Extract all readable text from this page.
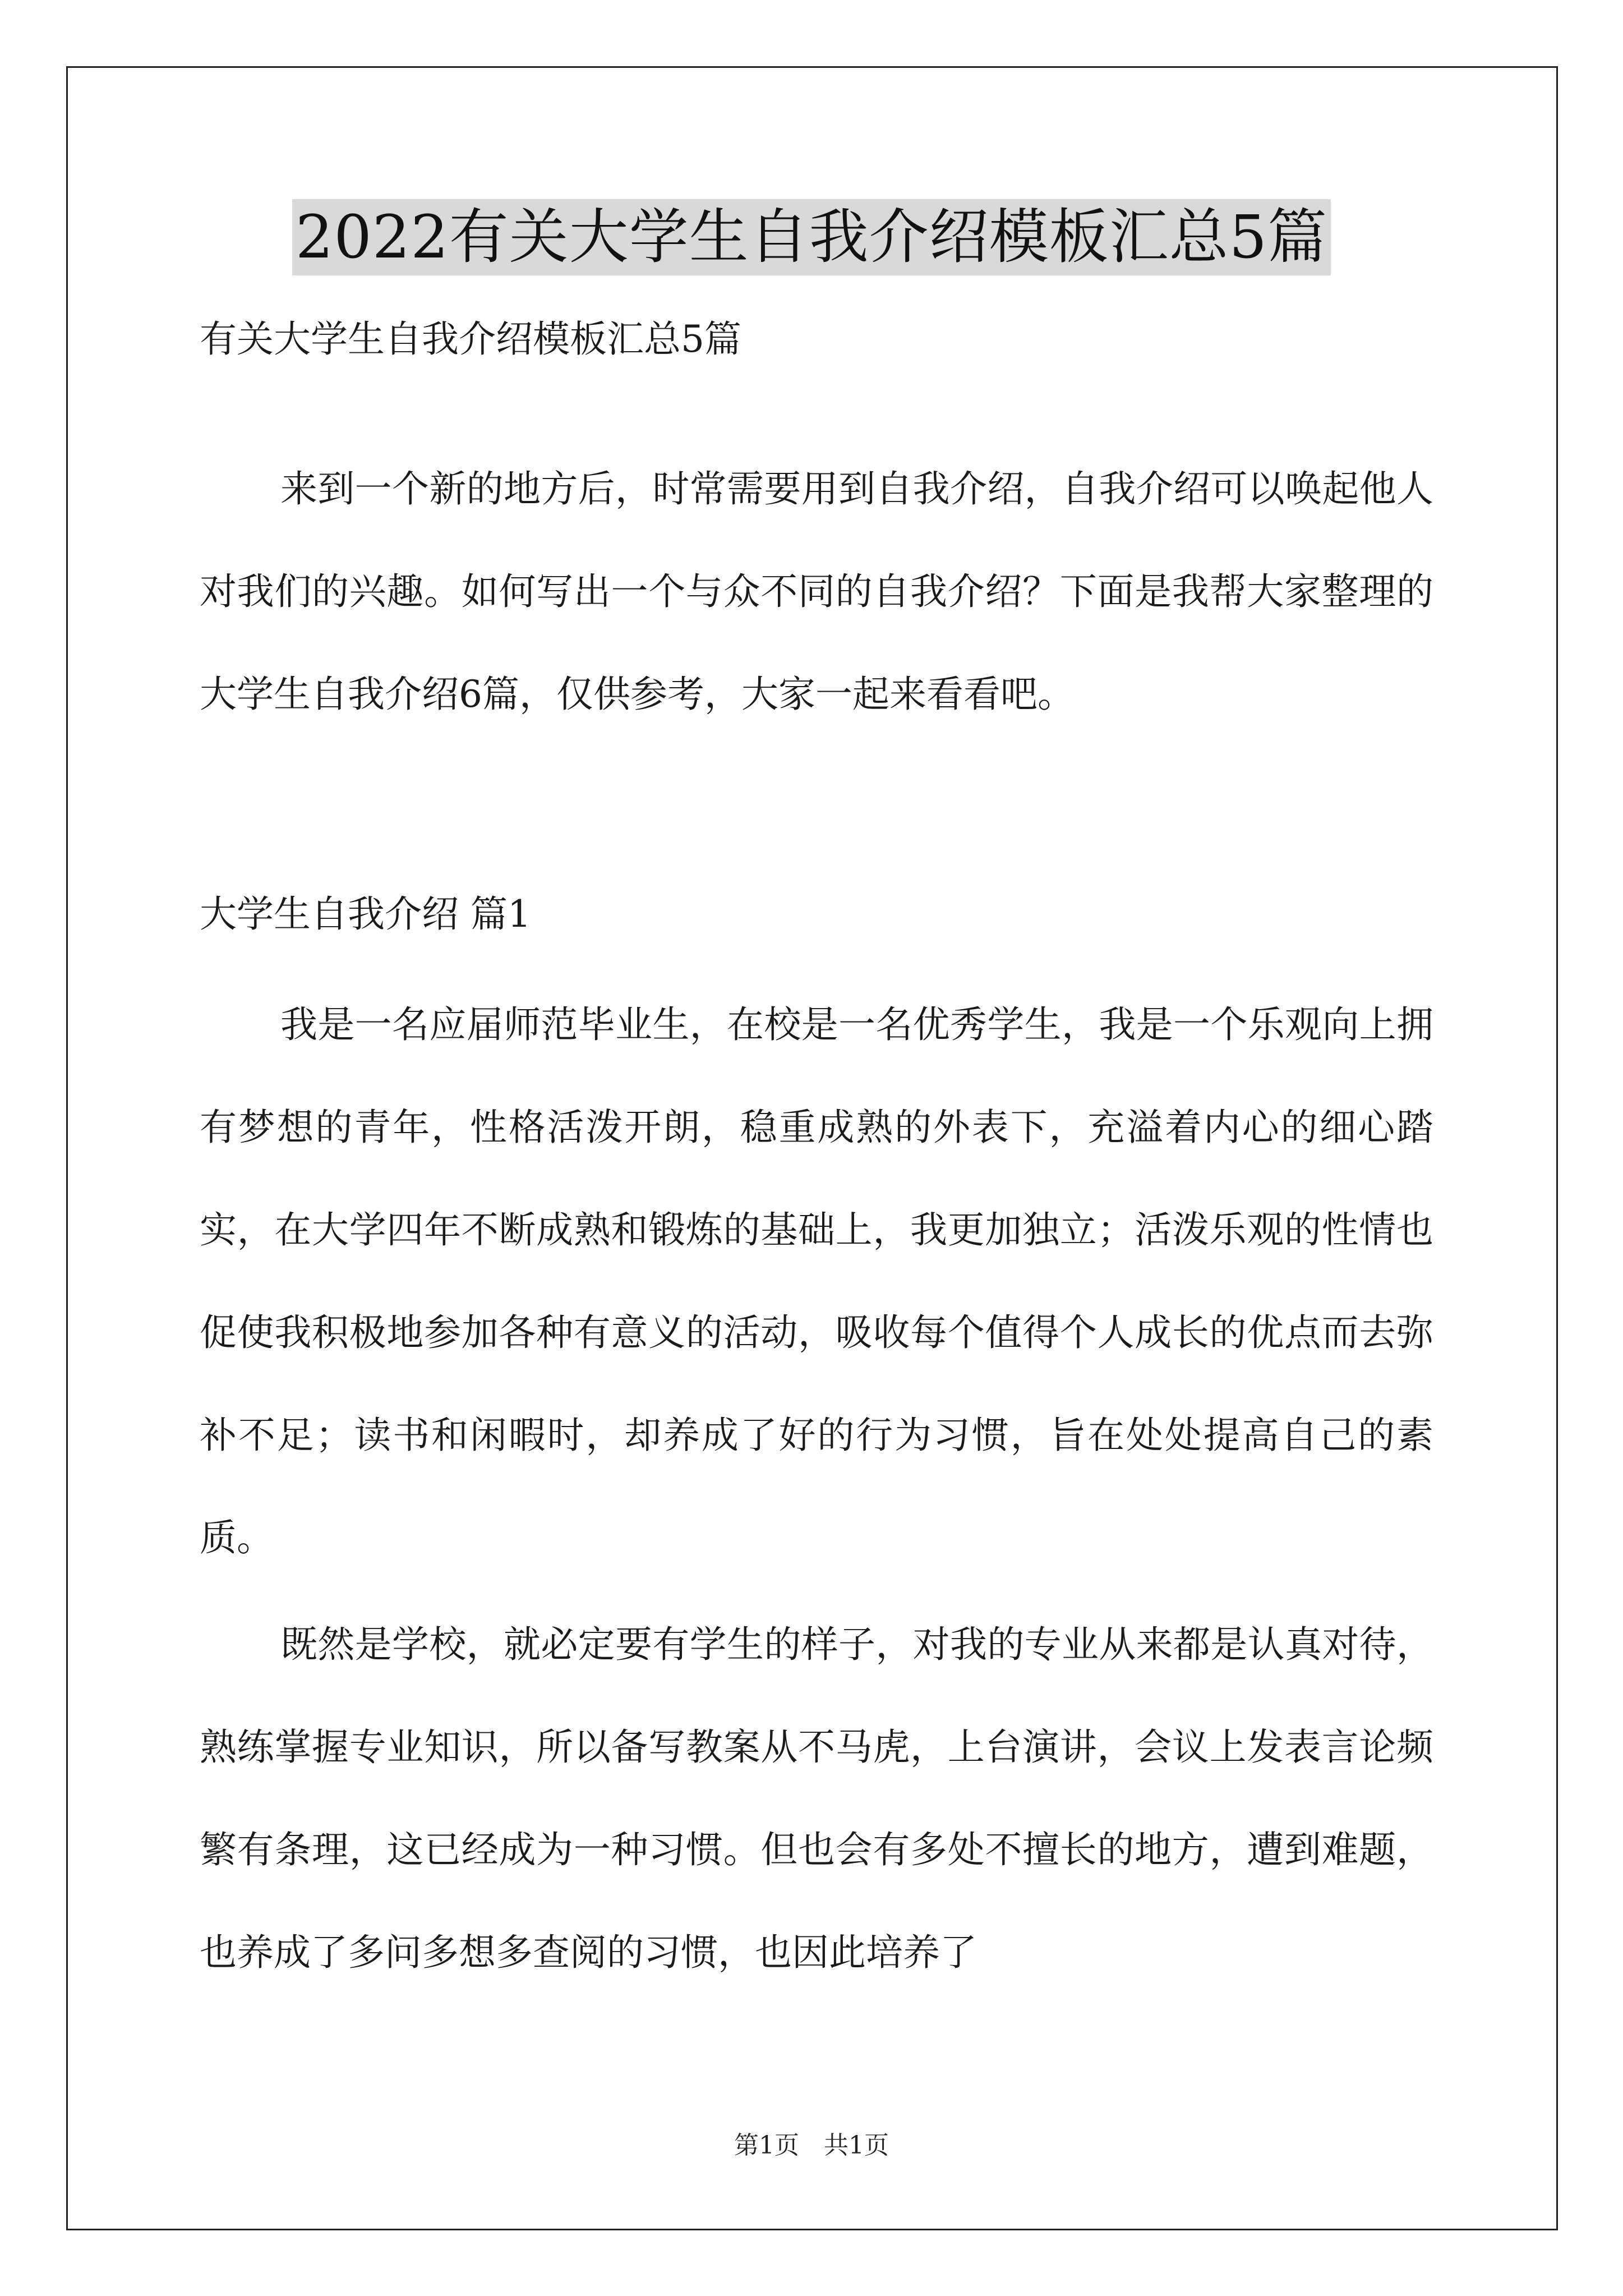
2022有关大学生自我介绍模板汇总5篇
有关大学生自我介绍模板汇总5篇

来到一个新的地方后，时常需要用到自我介绍，自我介绍可以唤起他人对我们的兴趣。如何写出一个与众不同的自我介绍？下面是我帮大家整理的大学生自我介绍6篇，仅供参考，大家一起来看看吧。

大学生自我介绍 篇1

我是一名应届师范毕业生，在校是一名优秀学生，我是一个乐观向上拥有梦想的青年，性格活泼开朗，稳重成熟的外表下，充溢着内心的细心踏实，在大学四年不断成熟和锻炼的基础上，我更加独立；活泼乐观的性情也促使我积极地参加各种有意义的活动，吸收每个值得个人成长的优点而去弥补不足；读书和闲暇时，却养成了好的行为习惯，旨在处处提高自己的素质。

既然是学校，就必定要有学生的样子，对我的专业从来都是认真对待，熟练掌握专业知识，所以备写教案从不马虎，上台演讲，会议上发表言论频繁有条理，这已经成为一种习惯。但也会有多处不擅长的地方，遭到难题，也养成了多问多想多查阅的习惯，也因此培养了

第1页　共1页
